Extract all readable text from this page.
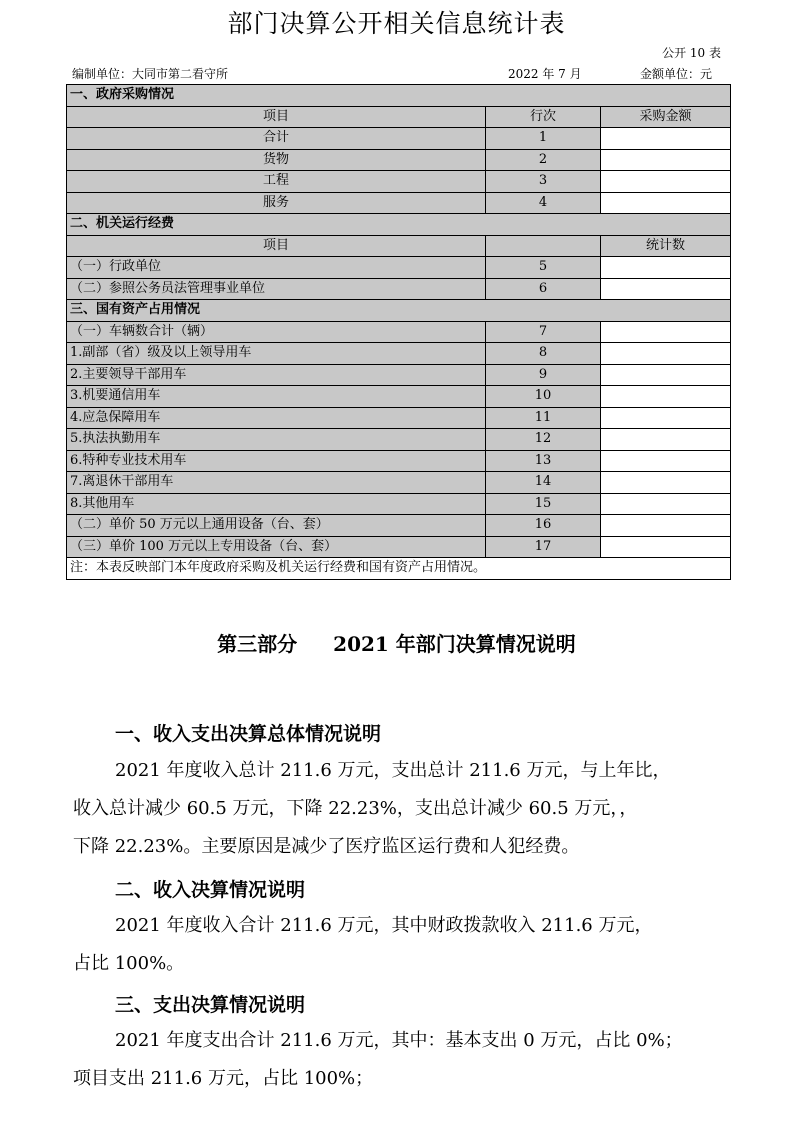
部门决算公开相关信息统计表
公开 10 表
编制单位：大同市第二看守所	2022 年 7 月	金额单位：元
一、政府采购情况		
项目	行次	采购金额
合计	1	
货物	2	
工程	3	
服务	4	
二、机关运行经费		
项目		统计数
（一）行政单位	5	
（二）参照公务员法管理事业单位	6	
三、国有资产占用情况		
（一）车辆数合计（辆）	7	
1.副部（省）级及以上领导用车	8	
2.主要领导干部用车	9	
3.机要通信用车	10	
4.应急保障用车	11	
5.执法执勤用车	12	
6.特种专业技术用车	13	
7.离退休干部用车	14	
8.其他用车	15	
（二）单价 50 万元以上通用设备（台、套）	16	
（三）单价 100 万元以上专用设备（台、套）	17	
注：本表反映部门本年度政府采购及机关运行经费和国有资产占用情况。		
第三部分 2021 年部门决算情况说明
一、收入支出决算总体情况说明
2021 年度收入总计 211.6 万元，支出总计 211.6 万元，与上年比，
收入总计减少 60.5 万元，下降 22.23%，支出总计减少 60.5 万元，，
下降 22.23%。主要原因是减少了医疗监区运行费和人犯经费。
二、收入决算情况说明
2021 年度收入合计 211.6 万元，其中财政拨款收入 211.6 万元，
占比 100%。
三、支出决算情况说明
2021 年度支出合计 211.6 万元，其中：基本支出 0 万元，占比 0%；
项目支出 211.6 万元，占比 100%；
